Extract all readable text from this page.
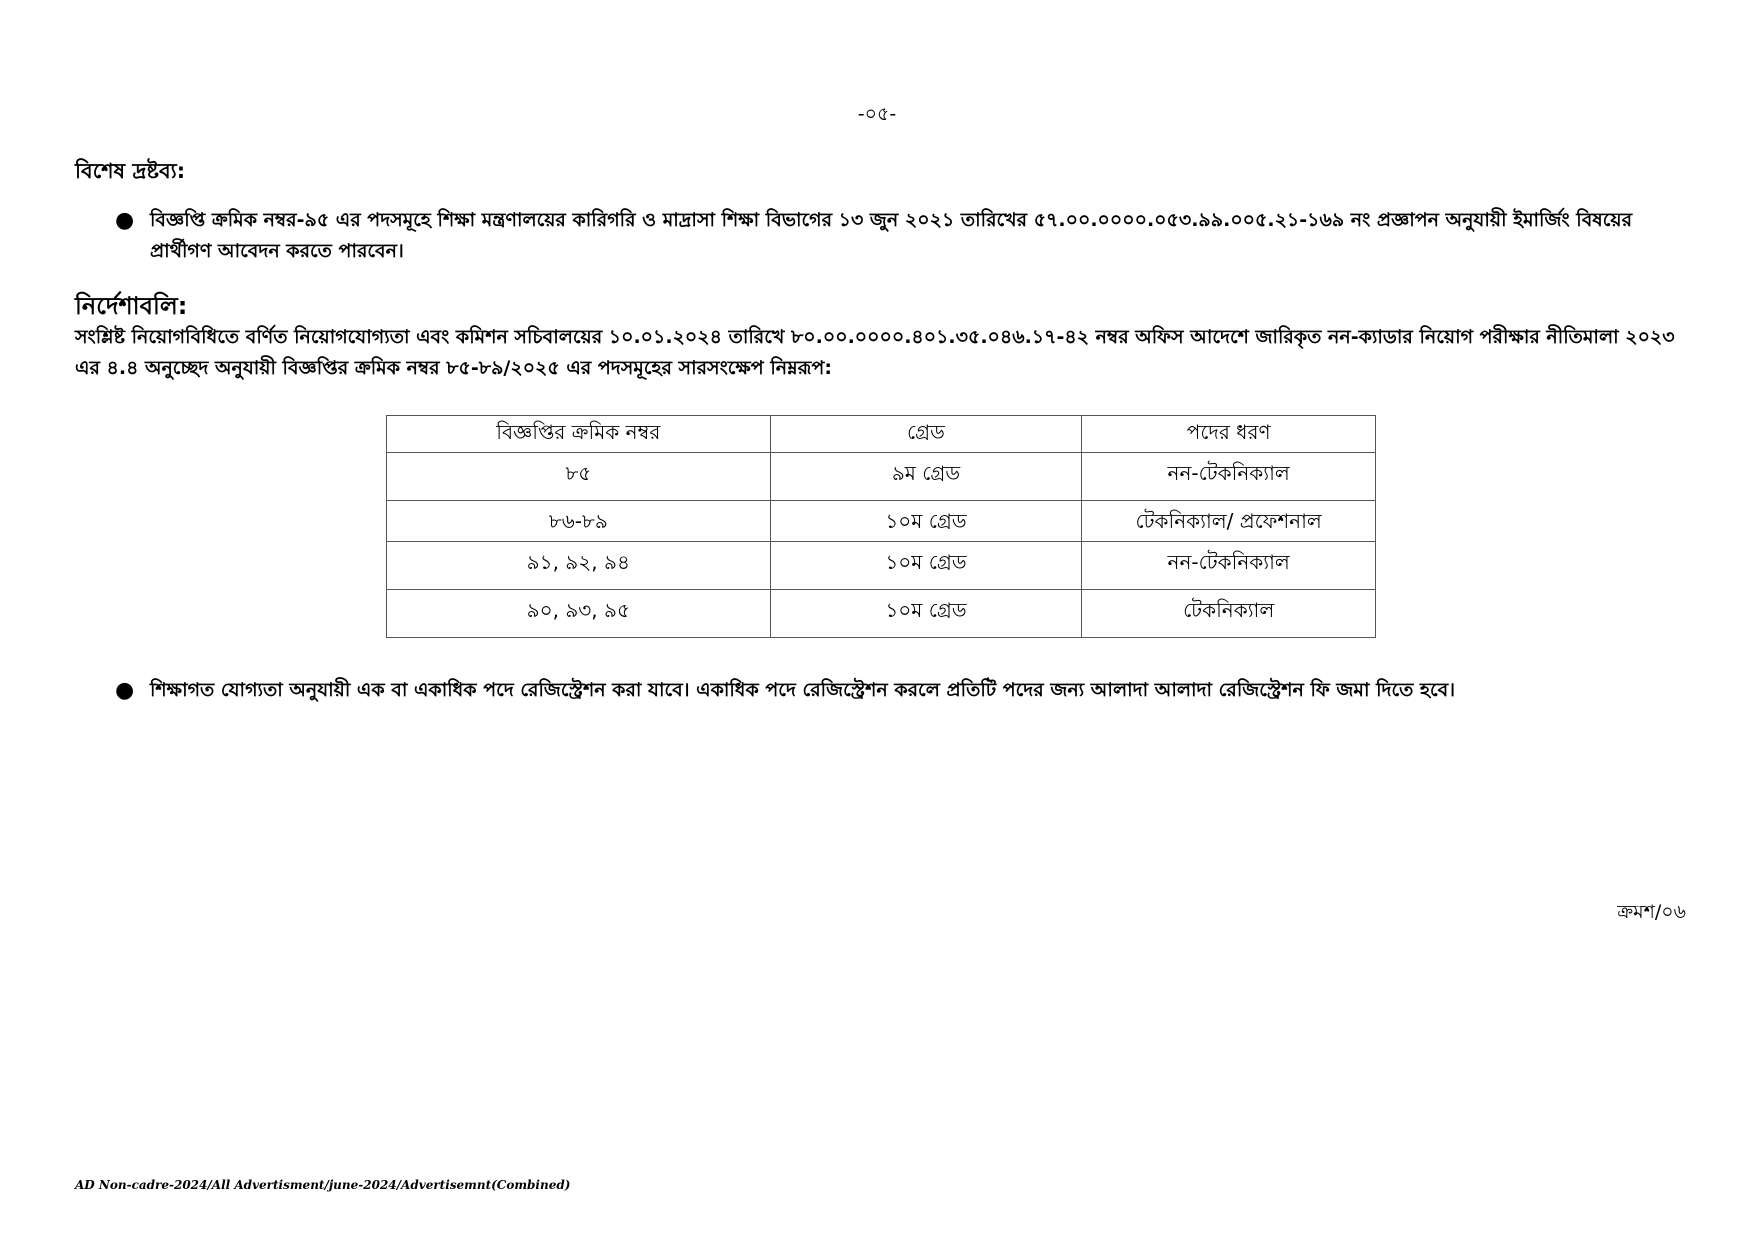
-০৫-
বিশেষ দ্রষ্টব্য:
● বিজ্ঞপ্তি ক্রমিক নম্বর-৯৫ এর পদসমূহে শিক্ষা মন্ত্রণালয়ের কারিগরি ও মাদ্রাসা শিক্ষা বিভাগের ১৩ জুন ২০২১ তারিখের ৫৭.০০.০০০০.০৫৩.৯৯.০০৫.২১-১৬৯ নং প্রজ্ঞাপন অনুযায়ী ইমার্জিং বিষয়ের প্রার্থীগণ আবেদন করতে পারবেন।
নির্দেশাবলি:

সংশ্লিষ্ট নিয়োগবিধিতে বর্ণিত নিয়োগযোগ্যতা এবং কমিশন সচিবালয়ের ১০.০১.২০২৪ তারিখে ৮০.০০.০০০০.৪০১.৩৫.০৪৬.১৭-৪২ নম্বর অফিস আদেশে জারিকৃত নন-ক্যাডার নিয়োগ পরীক্ষার নীতিমালা ২০২৩ এর ৪.৪ অনুচ্ছেদ অনুযায়ী বিজ্ঞপ্তির ক্রমিক নম্বর ৮৫-৮৯/২০২৫ এর পদসমূহের সারসংক্ষেপ নিম্নরূপ:

বিজ্ঞপ্তির ক্রমিক নম্বর	গ্রেড	পদের ধরণ
৮৫	৯ম গ্রেড	নন-টেকনিক্যাল
৮৬-৮৯	১০ম গ্রেড	টেকনিক্যাল/ প্রফেশনাল
৯১, ৯২, ৯৪	১০ম গ্রেড	নন-টেকনিক্যাল
৯০, ৯৩, ৯৫	১০ম গ্রেড	টেকনিক্যাল
● শিক্ষাগত যোগ্যতা অনুযায়ী এক বা একাধিক পদে রেজিস্ট্রেশন করা যাবে। একাধিক পদে রেজিস্ট্রেশন করলে প্রতিটি পদের জন্য আলাদা আলাদা রেজিস্ট্রেশন ফি জমা দিতে হবে।
ক্রমশ/০৬
AD Non-cadre-2024/All Advertisment/june-2024/Advertisemnt(Combined)
